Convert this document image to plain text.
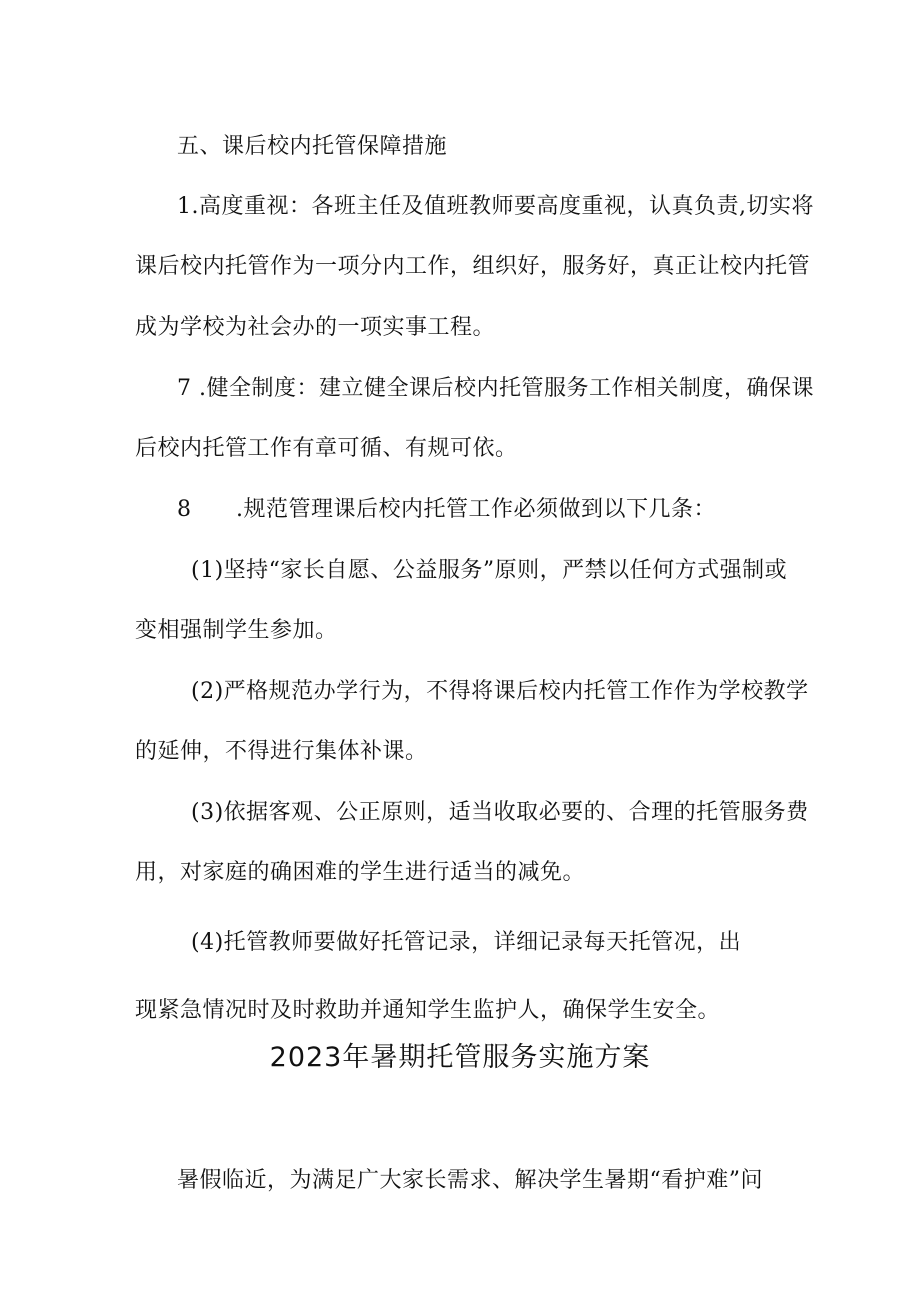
五、课后校内托管保障措施
1.高度重视：各班主任及值班教师要高度重视，认真负责,切实将
课后校内托管作为一项分内工作，组织好，服务好，真正让校内托管
成为学校为社会办的一项实事工程。
7 .健全制度：建立健全课后校内托管服务工作相关制度，确保课
后校内托管工作有章可循、有规可依。
8 .规范管理课后校内托管工作必须做到以下几条：
(1)坚持“家长自愿、公益服务”原则，严禁以任何方式强制或
变相强制学生参加。
(2)严格规范办学行为，不得将课后校内托管工作作为学校教学
的延伸，不得进行集体补课。
(3)依据客观、公正原则，适当收取必要的、合理的托管服务费
用，对家庭的确困难的学生进行适当的减免。
(4)托管教师要做好托管记录，详细记录每天托管况，出
现紧急情况时及时救助并通知学生监护人，确保学生安全。
2023年暑期托管服务实施方案
暑假临近，为满足广大家长需求、解决学生暑期“看护难”问
